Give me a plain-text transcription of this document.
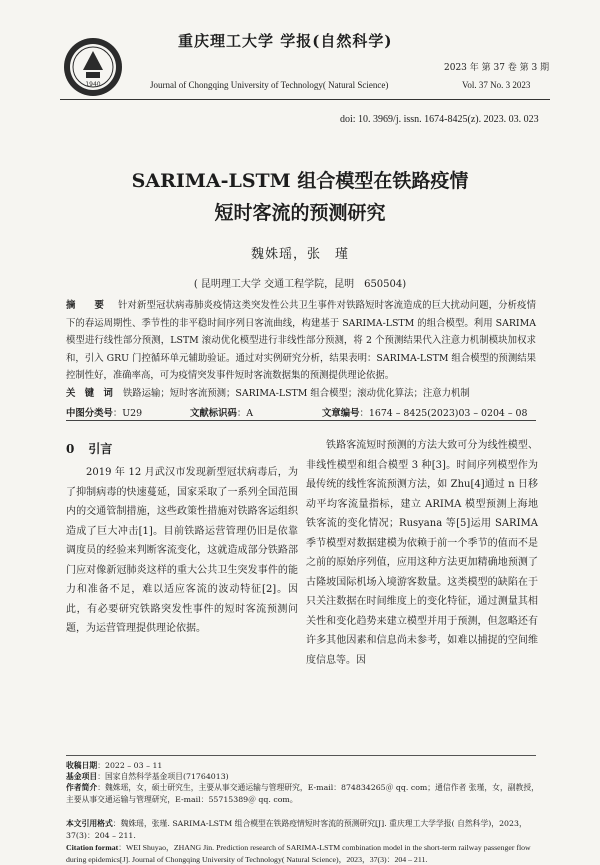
1940
重庆理工大学 学报(自然科学)
Journal of Chongqing University of Technology( Natural Science)
2023 年 第 37 卷 第 3 期
Vol. 37 No. 3 2023
doi: 10. 3969/j. issn. 1674-8425(z). 2023. 03. 023
SARIMA-LSTM 组合模型在铁路疫情
短时客流的预测研究
魏姝瑶，张　瑾
( 昆明理工大学 交通工程学院，昆明　650504)
摘　　要 针对新型冠状病毒肺炎疫情这类突发性公共卫生事件对铁路短时客流造成的巨大扰动问题，分析疫情下的春运周期性、季节性的非平稳时间序列日客流曲线，构建基于 SARIMA-LSTM 的组合模型。利用 SARIMA 模型进行线性部分预测，LSTM 滚动优化模型进行非线性部分预测，将 2 个预测结果代入注意力机制模块加权求和，引入 GRU 门控循环单元辅助验证。通过对实例研究分析，结果表明：SARIMA-LSTM 组合模型的预测结果控制性好，准确率高，可为疫情突发事件短时客流数据集的预测提供理论依据。
关　键　词 铁路运输；短时客流预测；SARIMA-LSTM 组合模型；滚动优化算法；注意力机制
中图分类号：U29	文献标识码：A	文章编号：1674 – 8425(2023)03 – 0204 – 08
0 引言

2019 年 12 月武汉市发现新型冠状病毒后，为了抑制病毒的快速蔓延，国家采取了一系列全国范围内的交通管制措施，这些政策性措施对铁路客运组织造成了巨大冲击[1]。目前铁路运营管理仍旧是依靠调度员的经验来判断客流变化，这就造成部分铁路部门应对像新冠肺炎这样的重大公共卫生突发事件的能力和准备不足，难以适应客流的波动特征[2]。因此，有必要研究铁路突发性事件的短时客流预测问题，为运营管理提供理论依据。

铁路客流短时预测的方法大致可分为线性模型、非线性模型和组合模型 3 种[3]。时间序列模型作为最传统的线性客流预测方法，如 Zhu[4]通过 n 日移动平均客流量指标，建立 ARIMA 模型预测上海地铁客流的变化情况；Rusyana 等[5]运用 SARIMA 季节模型对数据建模为依赖于前一个季节的值而不是之前的原始序列值，应用这种方法更加精确地预测了古隆坡国际机场入境游客数量。这类模型的缺陷在于只关注数据在时间维度上的变化特征，通过测量其相关性和变化趋势来建立模型并用于预测，但忽略还有许多其他因素和信息尚未参考，如难以捕捉的空间维度信息等。因

收稿日期：2022 – 03 – 11
基金项目：国家自然科学基金项目(71764013)
作者简介：魏姝瑶，女，硕士研究生，主要从事交通运输与管理研究，E-mail：874834265＠ qq. com；通信作者 张瑾，女，副教授，主要从事交通运输与管理研究，E-mail：55715389＠ qq. com。
本文引用格式：魏姝瑶，张瑾. SARIMA-LSTM 组合模型在铁路疫情短时客流的预测研究[J]. 重庆理工大学学报( 自然科学)，2023，37(3)：204 – 211.
Citation format：WEI Shuyao，ZHANG Jin. Prediction research of SARIMA-LSTM combination model in the short-term railway passenger flow during epidemics[J]. Journal of Chongqing University of Technology( Natural Science)，2023，37(3)：204 – 211.
